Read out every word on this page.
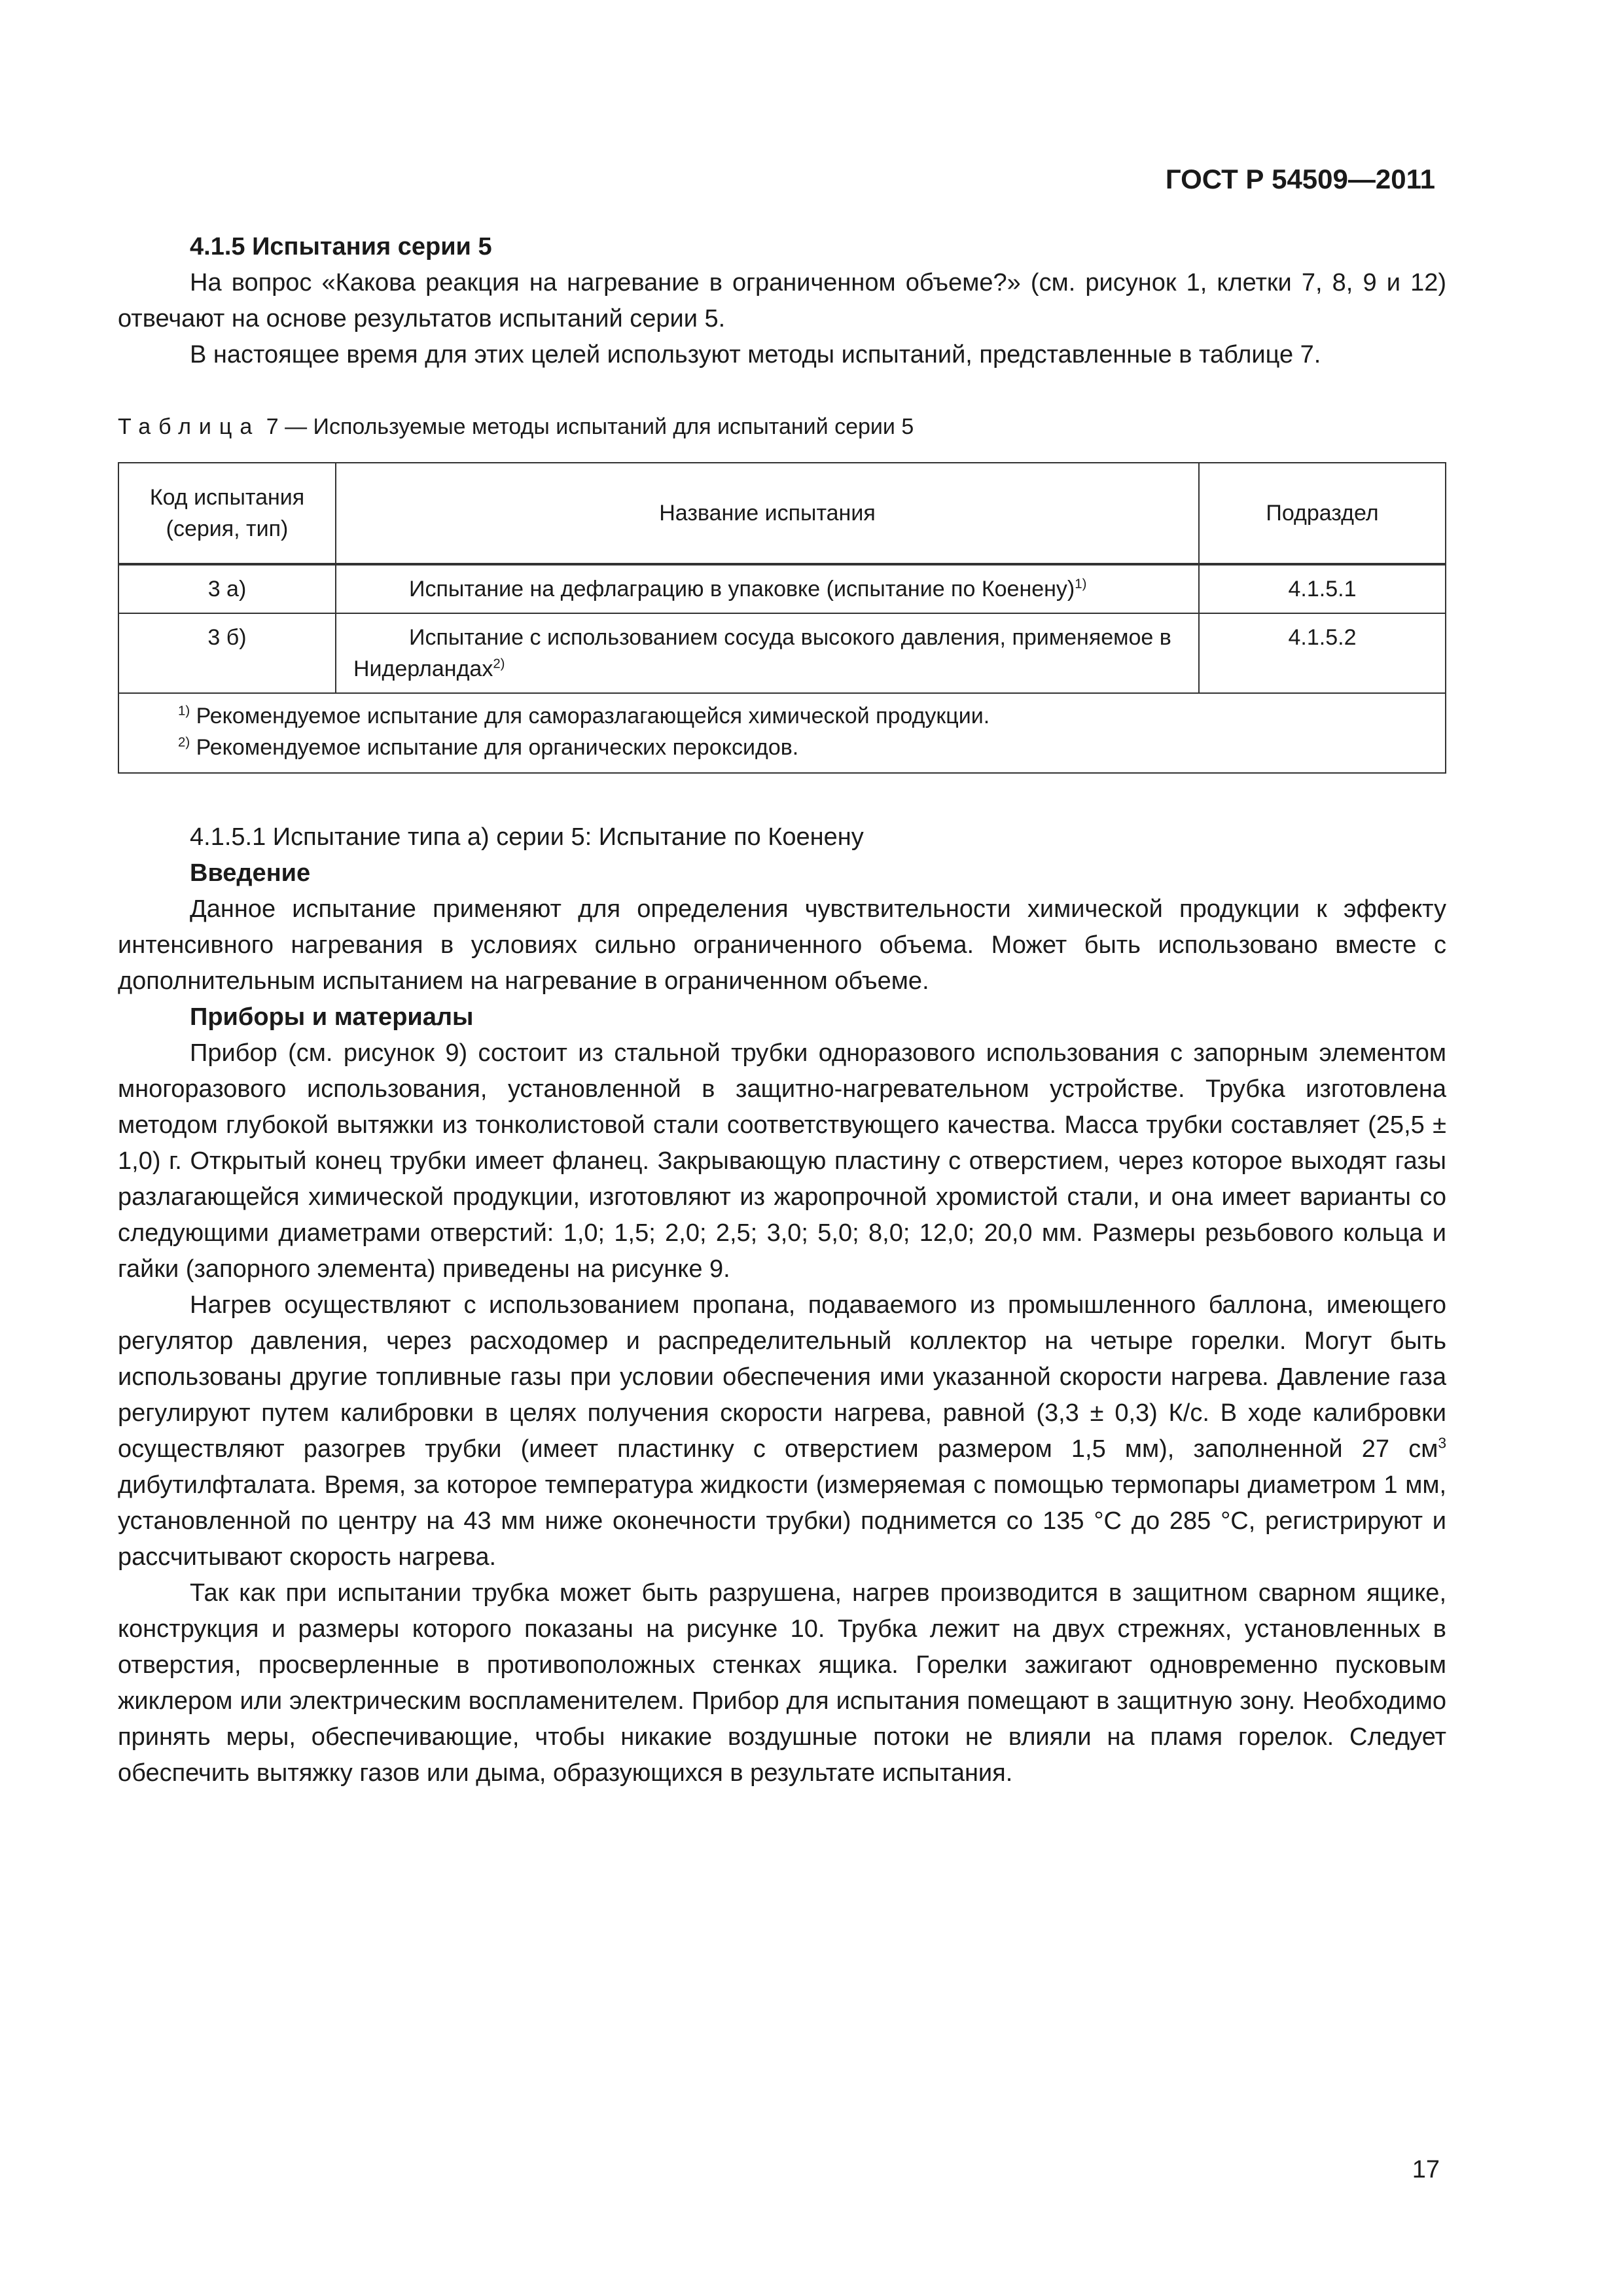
ГОСТ Р 54509—2011
4.1.5 Испытания серии 5

На вопрос «Какова реакция на нагревание в ограниченном объеме?» (см. рисунок 1, клетки 7, 8, 9 и 12) отвечают на основе результатов испытаний серии 5.

В настоящее время для этих целей используют методы испытаний, представленные в таблице 7.

Таблица 7 — Используемые методы испытаний для испытаний серии 5
Код испытания (серия, тип)	Название испытания	Подраздел
3 а)	Испытание на дефлаграцию в упаковке (испытание по Коенену)$^{1)}$	4.1.5.1
3 б)	Испытание с использованием сосуда высокого давления, применяемое в Нидерландах$^{2)}$	4.1.5.2

$^{1)}$ Рекомендуемое испытание для саморазлагающейся химической продукции.
$^{2)}$ Рекомендуемое испытание для органических пероксидов.		
4.1.5.1 Испытание типа а) серии 5: Испытание по Коенену
Введение

Данное испытание применяют для определения чувствительности химической продукции к эффекту интенсивного нагревания в условиях сильно ограниченного объема. Может быть использовано вместе с дополнительным испытанием на нагревание в ограниченном объеме.

Приборы и материалы

Прибор (см. рисунок 9) состоит из стальной трубки одноразового использования с запорным элементом многоразового использования, установленной в защитно-нагревательном устройстве. Трубка изготовлена методом глубокой вытяжки из тонколистовой стали соответствующего качества. Масса трубки составляет (25,5 ± 1,0) г. Открытый конец трубки имеет фланец. Закрывающую пластину с отверстием, через которое выходят газы разлагающейся химической продукции, изготовляют из жаропрочной хромистой стали, и она имеет варианты со следующими диаметрами отверстий: 1,0; 1,5; 2,0; 2,5; 3,0; 5,0; 8,0; 12,0; 20,0 мм. Размеры резьбового кольца и гайки (запорного элемента) приведены на рисунке 9.

Нагрев осуществляют с использованием пропана, подаваемого из промышленного баллона, имеющего регулятор давления, через расходомер и распределительный коллектор на четыре горелки. Могут быть использованы другие топливные газы при условии обеспечения ими указанной скорости нагрева. Давление газа регулируют путем калибровки в целях получения скорости нагрева, равной (3,3 ± 0,3) К/с. В ходе калибровки осуществляют разогрев трубки (имеет пластинку с отверстием размером 1,5 мм), заполненной 27 $см^3$ дибутилфталата. Время, за которое температура жидкости (измеряемая с помощью термопары диаметром 1 мм, установленной по центру на 43 мм ниже оконечности трубки) поднимется со 135 °С до 285 °С, регистрируют и рассчитывают скорость нагрева.

Так как при испытании трубка может быть разрушена, нагрев производится в защитном сварном ящике, конструкция и размеры которого показаны на рисунке 10. Трубка лежит на двух стрежнях, установленных в отверстия, просверленные в противоположных стенках ящика. Горелки зажигают одновременно пусковым жиклером или электрическим воспламенителем. Прибор для испытания помещают в защитную зону. Необходимо принять меры, обеспечивающие, чтобы никакие воздушные потоки не влияли на пламя горелок. Следует обеспечить вытяжку газов или дыма, образующихся в результате испытания.

17
